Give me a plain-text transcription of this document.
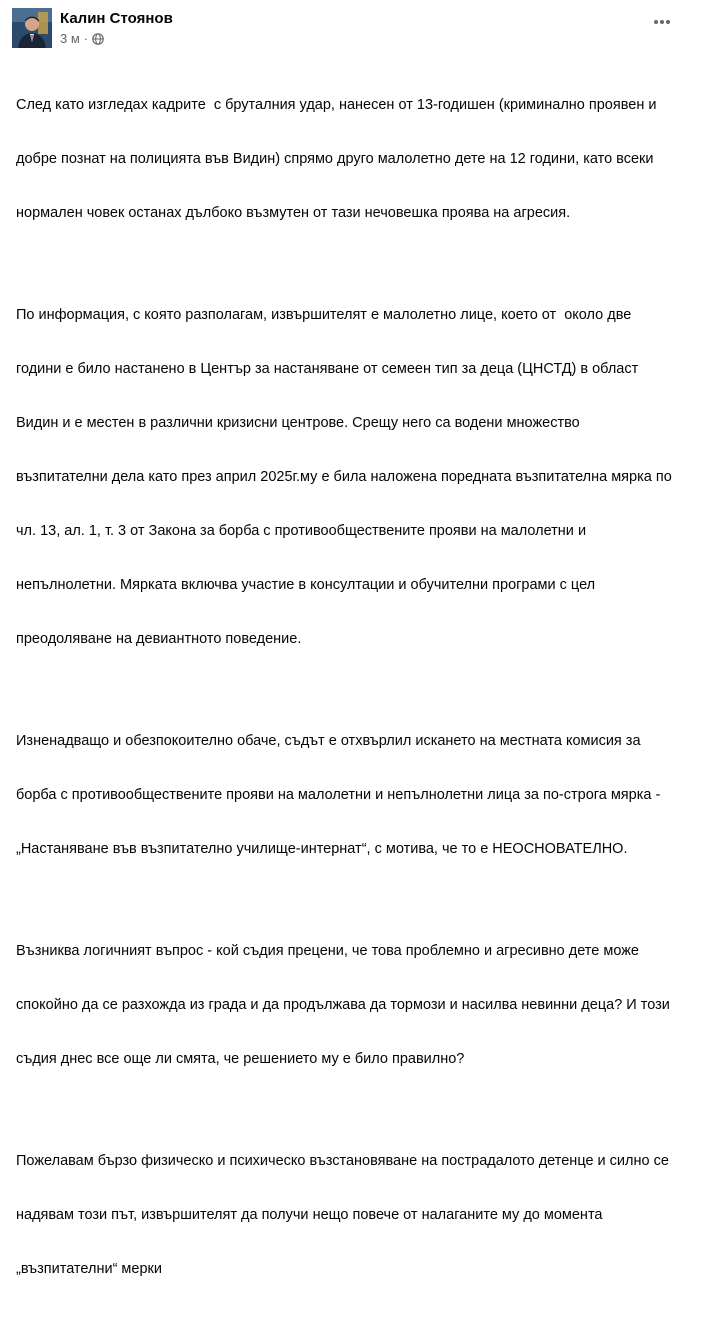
Калин Стоянов
3 м ·

След като изгледах кадрите  с бруталния удар, нанесен от 13-годишен (криминално проявен и

добре познат на полицията във Видин) спрямо друго малолетно дете на 12 години, като всеки

нормален човек останах дълбоко възмутен от тази нечовешка проява на агресия.

По информация, с която разполагам, извършителят е малолетно лице, което от  около две

години е било настанено в Център за настаняване от семеен тип за деца (ЦНСТД) в област

Видин и е местен в различни кризисни центрове. Срещу него са водени множество

възпитателни дела като през април 2025г.му е била наложена поредната възпитателна мярка по

чл. 13, ал. 1, т. 3 от Закона за борба с противообществените прояви на малолетни и

непълнолетни. Мярката включва участие в консултации и обучителни програми с цел

преодоляване на девиантното поведение.

Изненадващо и обезпокоително обаче, съдът е отхвърлил искането на местната комисия за

борба с противообществените прояви на малолетни и непълнолетни лица за по-строга мярка -

„Настаняване във възпитателно училище-интернат“, с мотива, че то е НЕОСНОВАТЕЛНО.

Възниква логичният въпрос - кой съдия прецени, че това проблемно и агресивно дете може

спокойно да се разхожда из града и да продължава да тормози и насилва невинни деца? И този

съдия днес все още ли смята, че решението му е било правилно?

Пожелавам бързо физическо и психическо възстановяване на пострадалото детенце и силно се

надявам този път, извършителят да получи нещо повече от налаганите му до момента

„възпитателни“ мерки
